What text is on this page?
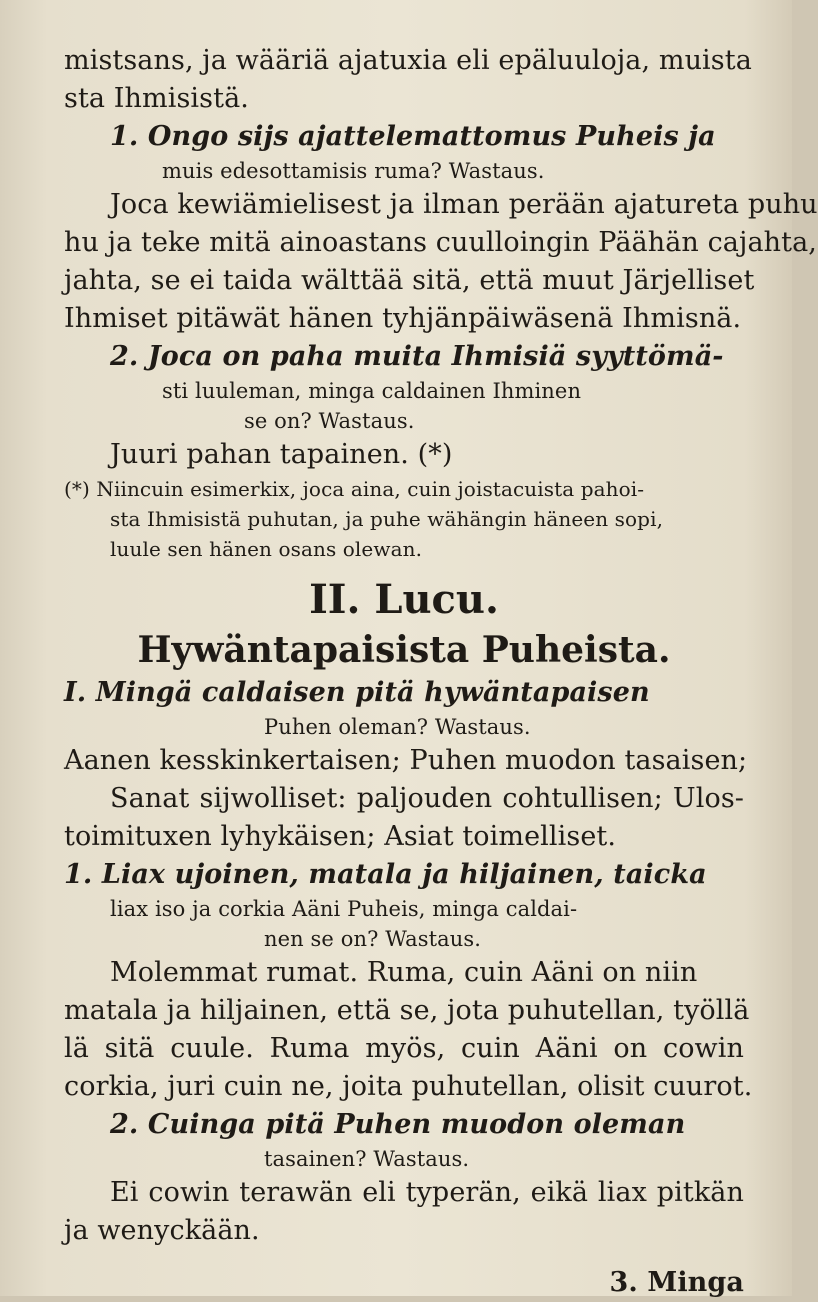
mistsans, ja wääriä ajatuxia eli epäluuloja, muista
sta Ihmisistä.
1. Ongo sijs ajattelemattomus Puheis ja
muis edesottamisis ruma? Wastaus.
Joca kewiämielisest ja ilman perään ajatureta puhu
hu ja teke mitä ainoastans cuulloingin Päähän cajahta,
jahta, se ei taida wälttää sitä, että muut Järjelliset
Ihmiset pitäwät hänen tyhjänpäiwäsenä Ihmisnä.
2. Joca on paha muita Ihmisiä syyttömä-
sti luuleman, minga caldainen Ihminen
se on? Wastaus.
Juuri pahan tapainen. (*)
(*) Niincuin esimerkix, joca aina, cuin joistacuista pahoi-
sta Ihmisistä puhutan, ja puhe wähängin häneen sopi,
luule sen hänen osans olewan.
II. Lucu.
Hywäntapaisista Puheista.
I. Mingä caldaisen pitä hywäntapaisen
Puhen oleman? Wastaus.
Aanen kesskinkertaisen; Puhen muodon tasaisen;
Sanat sijwolliset: paljouden cohtullisen; Ulos-
toimituxen lyhykäisen; Asiat toimelliset.
1. Liax ujoinen, matala ja hiljainen, taicka
liax iso ja corkia Aäni Puheis, minga caldai-
nen se on? Wastaus.
Molemmat rumat. Ruma, cuin Aäni on niin
matala ja hiljainen, että se, jota puhutellan, työllä
lä sitä cuule. Ruma myös, cuin Aäni on cowin
corkia, juri cuin ne, joita puhutellan, olisit cuurot.
2. Cuinga pitä Puhen muodon oleman
tasainen? Wastaus.
Ei cowin terawän eli typerän, eikä liax pitkän
ja wenyckään.
3. Minga
